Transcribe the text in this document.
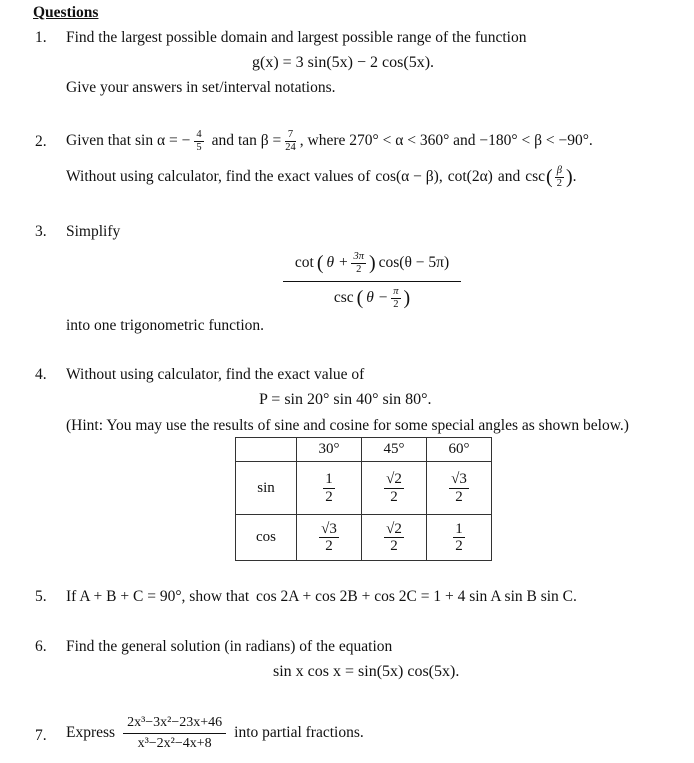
Questions
1. Find the largest possible domain and largest possible range of the function
g(x) = 3 sin(5x) − 2 cos(5x).
Give your answers in set/interval notations.
2. Given that sin α = − $\frac{4}{5}$ and $\tan \beta = \frac{7}{24}$ , where 270° < α < 360° and −180° < β < −90°.
Without using calculator, find the exact values of cos(α − β), cot(2α) and csc ( $\frac{\beta}{2}$ ) .
3. Simplify
cot ( $\theta + \frac{3\pi}{2}$ ) cos(θ − 5π)
csc ( $\theta - \frac{\pi}{2}$ )
into one trigonometric function.
4. Without using calculator, find the exact value of
P = sin 20° sin 40° sin 80°.
(Hint: You may use the results of sine and cosine for some special angles as shown below.)
	30°	45°	60°
sin	$\frac{1}{2}$	$\frac{√2}{2}$	$\frac{√3}{2}$

cos	$\frac{√3}{2}$	$\frac{√2}{2}$	$\frac{1}{2}$
5. If A + B + C = 90°, show that cos 2A + cos 2B + cos 2C = 1 + 4 sin A sin B sin C.
6. Find the general solution (in radians) of the equation
sin x cos x = sin(5x) cos(5x).
7. Express $\frac{\text{2x³−3x²−23x+46}}{\text{x³−2x²−4x+8}}$ into partial fractions.
